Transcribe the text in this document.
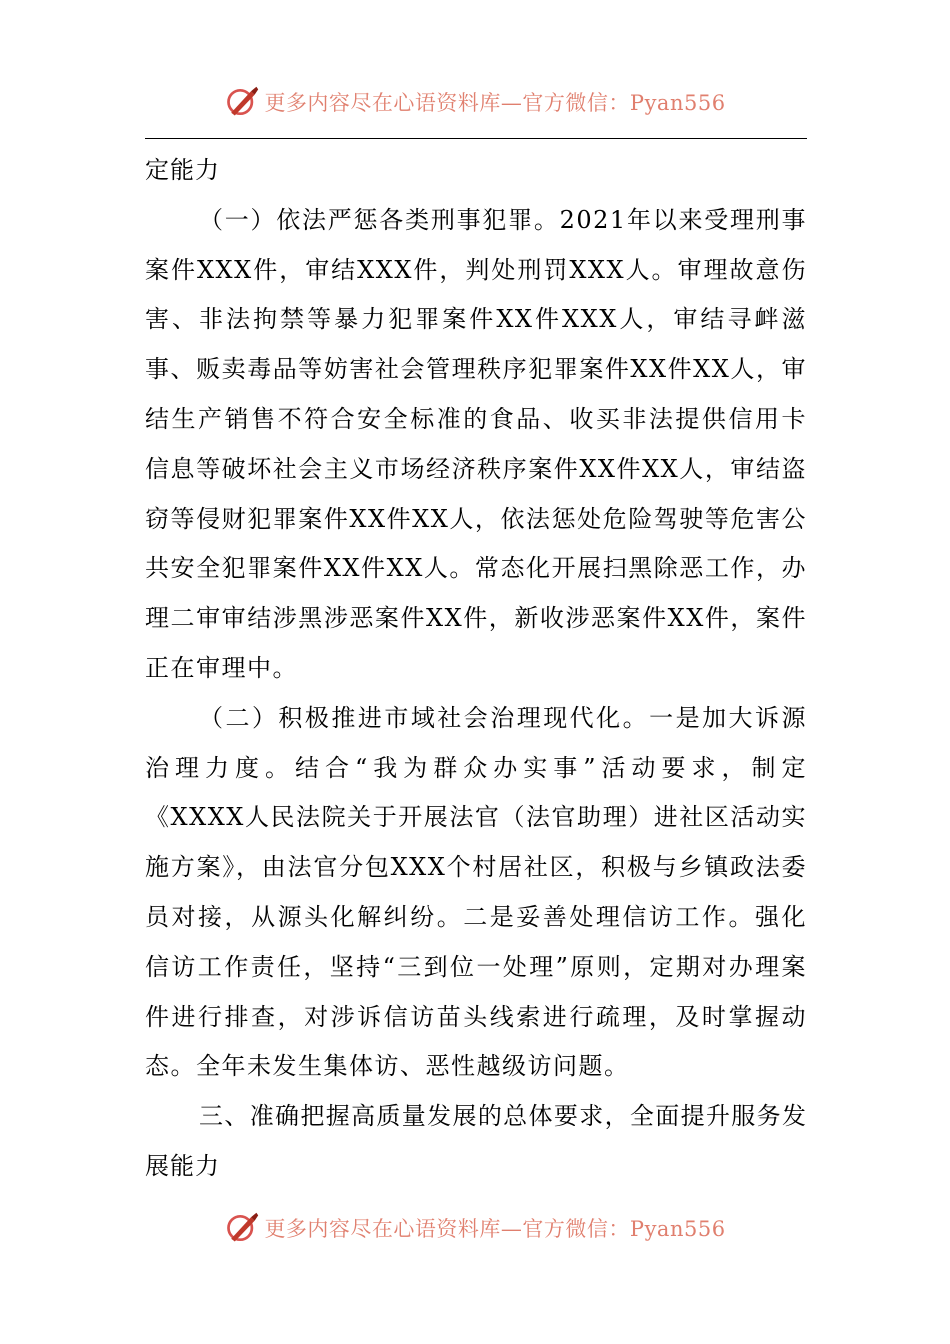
更多内容尽在心语资料库—官方微信：Pyan556

定能力

（一）依法严惩各类刑事犯罪。2021年以来受理刑事案件XXX件，审结XXX件，判处刑罚XXX人。审理故意伤害、非法拘禁等暴力犯罪案件XX件XXX人，审结寻衅滋事、贩卖毒品等妨害社会管理秩序犯罪案件XX件XX人，审结生产销售不符合安全标准的食品、收买非法提供信用卡信息等破坏社会主义市场经济秩序案件XX件XX人，审结盗窃等侵财犯罪案件XX件XX人，依法惩处危险驾驶等危害公共安全犯罪案件XX件XX人。常态化开展扫黑除恶工作，办理二审审结涉黑涉恶案件XX件，新收涉恶案件XX件，案件正在审理中。

（二）积极推进市域社会治理现代化。一是加大诉源治理力度。结合“我为群众办实事”活动要求，制定《XXXX人民法院关于开展法官（法官助理）进社区活动实施方案》，由法官分包XXX个村居社区，积极与乡镇政法委员对接，从源头化解纠纷。二是妥善处理信访工作。强化信访工作责任，坚持“三到位一处理”原则，定期对办理案件进行排查，对涉诉信访苗头线索进行疏理，及时掌握动态。全年未发生集体访、恶性越级访问题。

三、准确把握高质量发展的总体要求，全面提升服务发展能力

更多内容尽在心语资料库—官方微信：Pyan556
